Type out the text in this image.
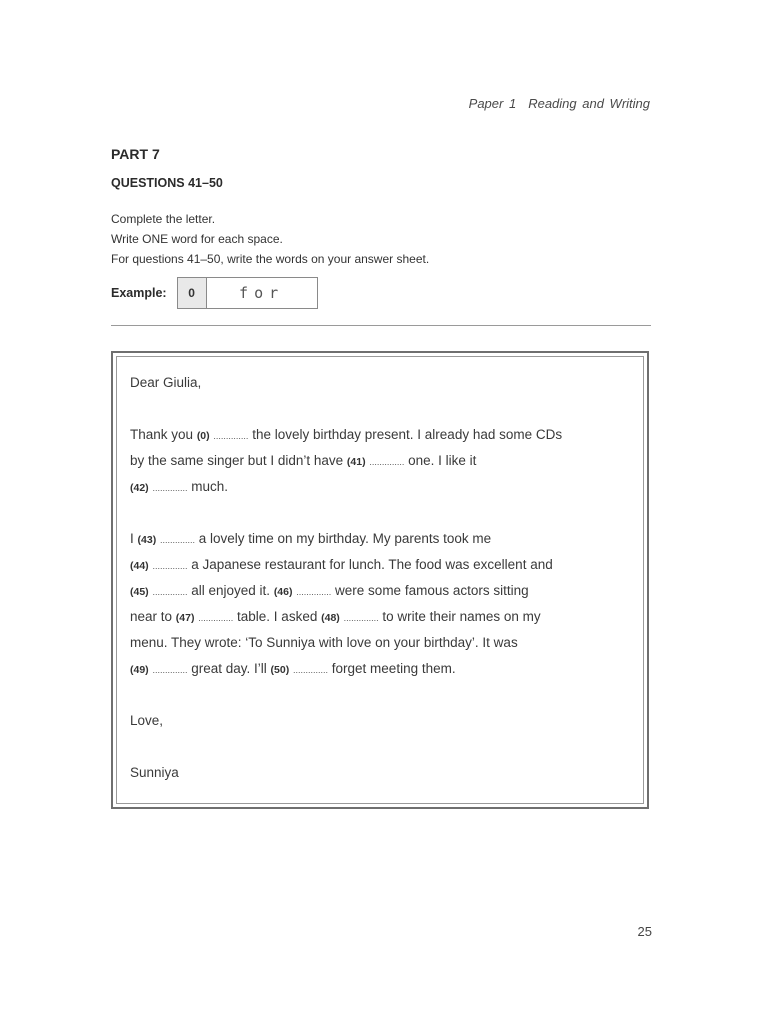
Paper 1 Reading and Writing
PART 7
QUESTIONS 41–50
Complete the letter.
Write ONE word for each space.
For questions 41–50, write the words on your answer sheet.
Example:	0	for
Dear Giulia,
Thank you (0) .............. the lovely birthday present. I already had some CDs
by the same singer but I didn’t have (41) .............. one. I like it
(42) .............. much.
I (43) .............. a lovely time on my birthday. My parents took me
(44) .............. a Japanese restaurant for lunch. The food was excellent and
(45) .............. all enjoyed it. (46) .............. were some famous actors sitting
near to (47) .............. table. I asked (48) .............. to write their names on my
menu. They wrote: ‘To Sunniya with love on your birthday’. It was
(49) .............. great day. I’ll (50) .............. forget meeting them.
Love,
Sunniya
25
